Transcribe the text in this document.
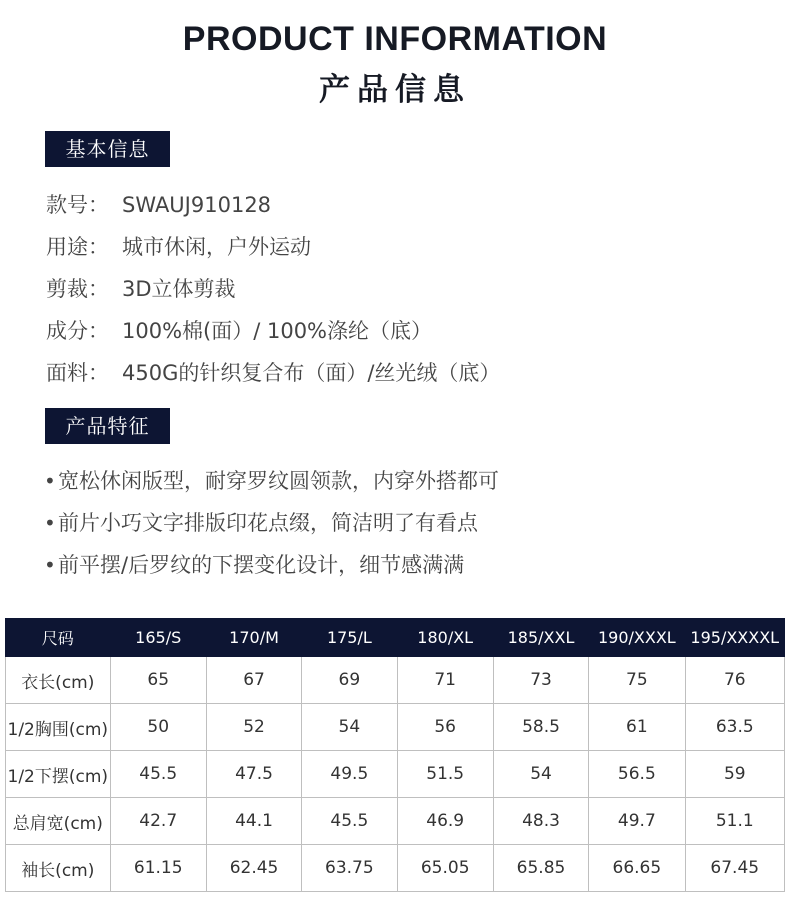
PRODUCT INFORMATION
产品信息
基本信息
款号： SWAUJ910128
用途： 城市休闲，户外运动
剪裁： 3D立体剪裁
成分： 100%棉(面）/ 100%涤纶（底）
面料： 450G的针织复合布（面）/丝光绒（底）
产品特征
• 宽松休闲版型，耐穿罗纹圆领款，内穿外搭都可
• 前片小巧文字排版印花点缀，简洁明了有看点
• 前平摆/后罗纹的下摆变化设计，细节感满满
尺码	165/S	170/M	175/L	180/XL	185/XXL	190/XXXL	195/XXXXL
衣长(cm)	65	67	69	71	73	75	76
1/2胸围(cm)	50	52	54	56	58.5	61	63.5
1/2下摆(cm)	45.5	47.5	49.5	51.5	54	56.5	59
总肩宽(cm)	42.7	44.1	45.5	46.9	48.3	49.7	51.1
袖长(cm)	61.15	62.45	63.75	65.05	65.85	66.65	67.45
